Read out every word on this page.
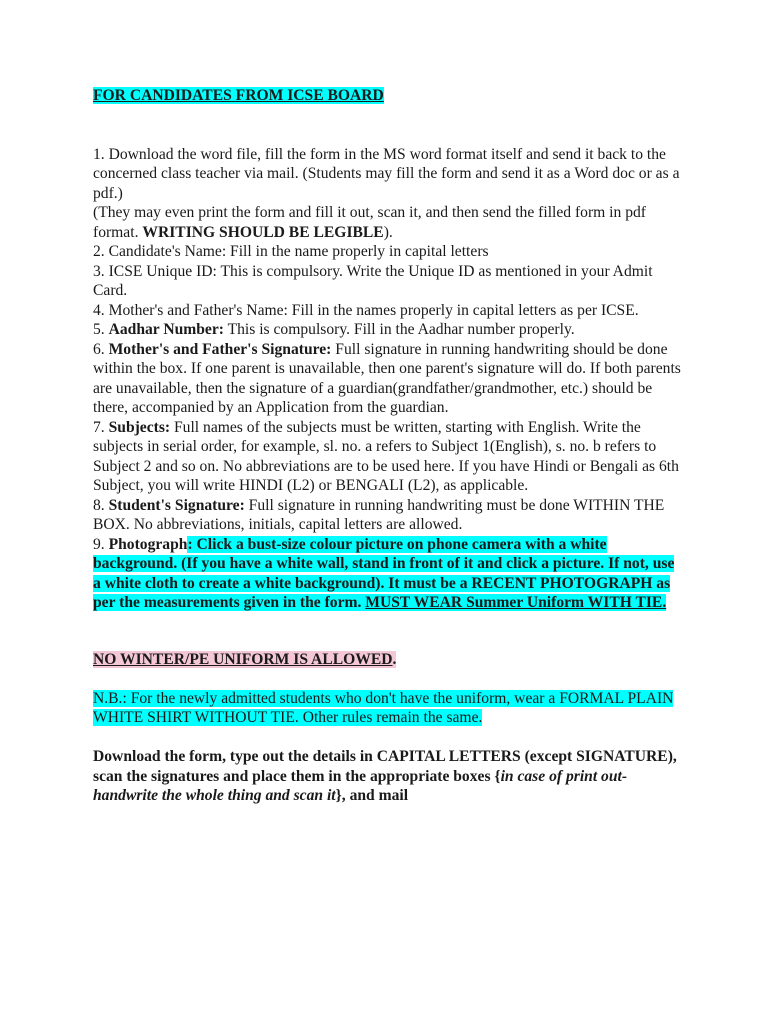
FOR CANDIDATES FROM ICSE BOARD

1. Download the word file, fill the form in the MS word format itself and send it back to the concerned class teacher via mail. (Students may fill the form and send it as a Word doc or as a pdf.)

(They may even print the form and fill it out, scan it, and then send the filled form in pdf format. WRITING SHOULD BE LEGIBLE).

2. Candidate's Name: Fill in the name properly in capital letters

3. ICSE Unique ID: This is compulsory. Write the Unique ID as mentioned in your Admit Card.

4. Mother's and Father's Name: Fill in the names properly in capital letters as per ICSE.

5. Aadhar Number: This is compulsory. Fill in the Aadhar number properly.

6. Mother's and Father's Signature: Full signature in running handwriting should be done within the box. If one parent is unavailable, then one parent's signature will do. If both parents are unavailable, then the signature of a guardian(grandfather/grandmother, etc.) should be there, accompanied by an Application from the guardian.

7. Subjects: Full names of the subjects must be written, starting with English. Write the subjects in serial order, for example, sl. no. a refers to Subject 1(English), s. no. b refers to Subject 2 and so on. No abbreviations are to be used here. If you have Hindi or Bengali as 6th Subject, you will write HINDI (L2) or BENGALI (L2), as applicable.

8. Student's Signature: Full signature in running handwriting must be done WITHIN THE BOX. No abbreviations, initials, capital letters are allowed.

9. Photograph: Click a bust-size colour picture on phone camera with a white background. (If you have a white wall, stand in front of it and click a picture. If not, use a white cloth to create a white background). It must be a RECENT PHOTOGRAPH as per the measurements given in the form. MUST WEAR Summer Uniform WITH TIE.

NO WINTER/PE UNIFORM IS ALLOWED.

N.B.: For the newly admitted students who don't have the uniform, wear a FORMAL PLAIN WHITE SHIRT WITHOUT TIE. Other rules remain the same.

Download the form, type out the details in CAPITAL LETTERS (except SIGNATURE), scan the signatures and place them in the appropriate boxes {in case of print out- handwrite the whole thing and scan it}, and mail
